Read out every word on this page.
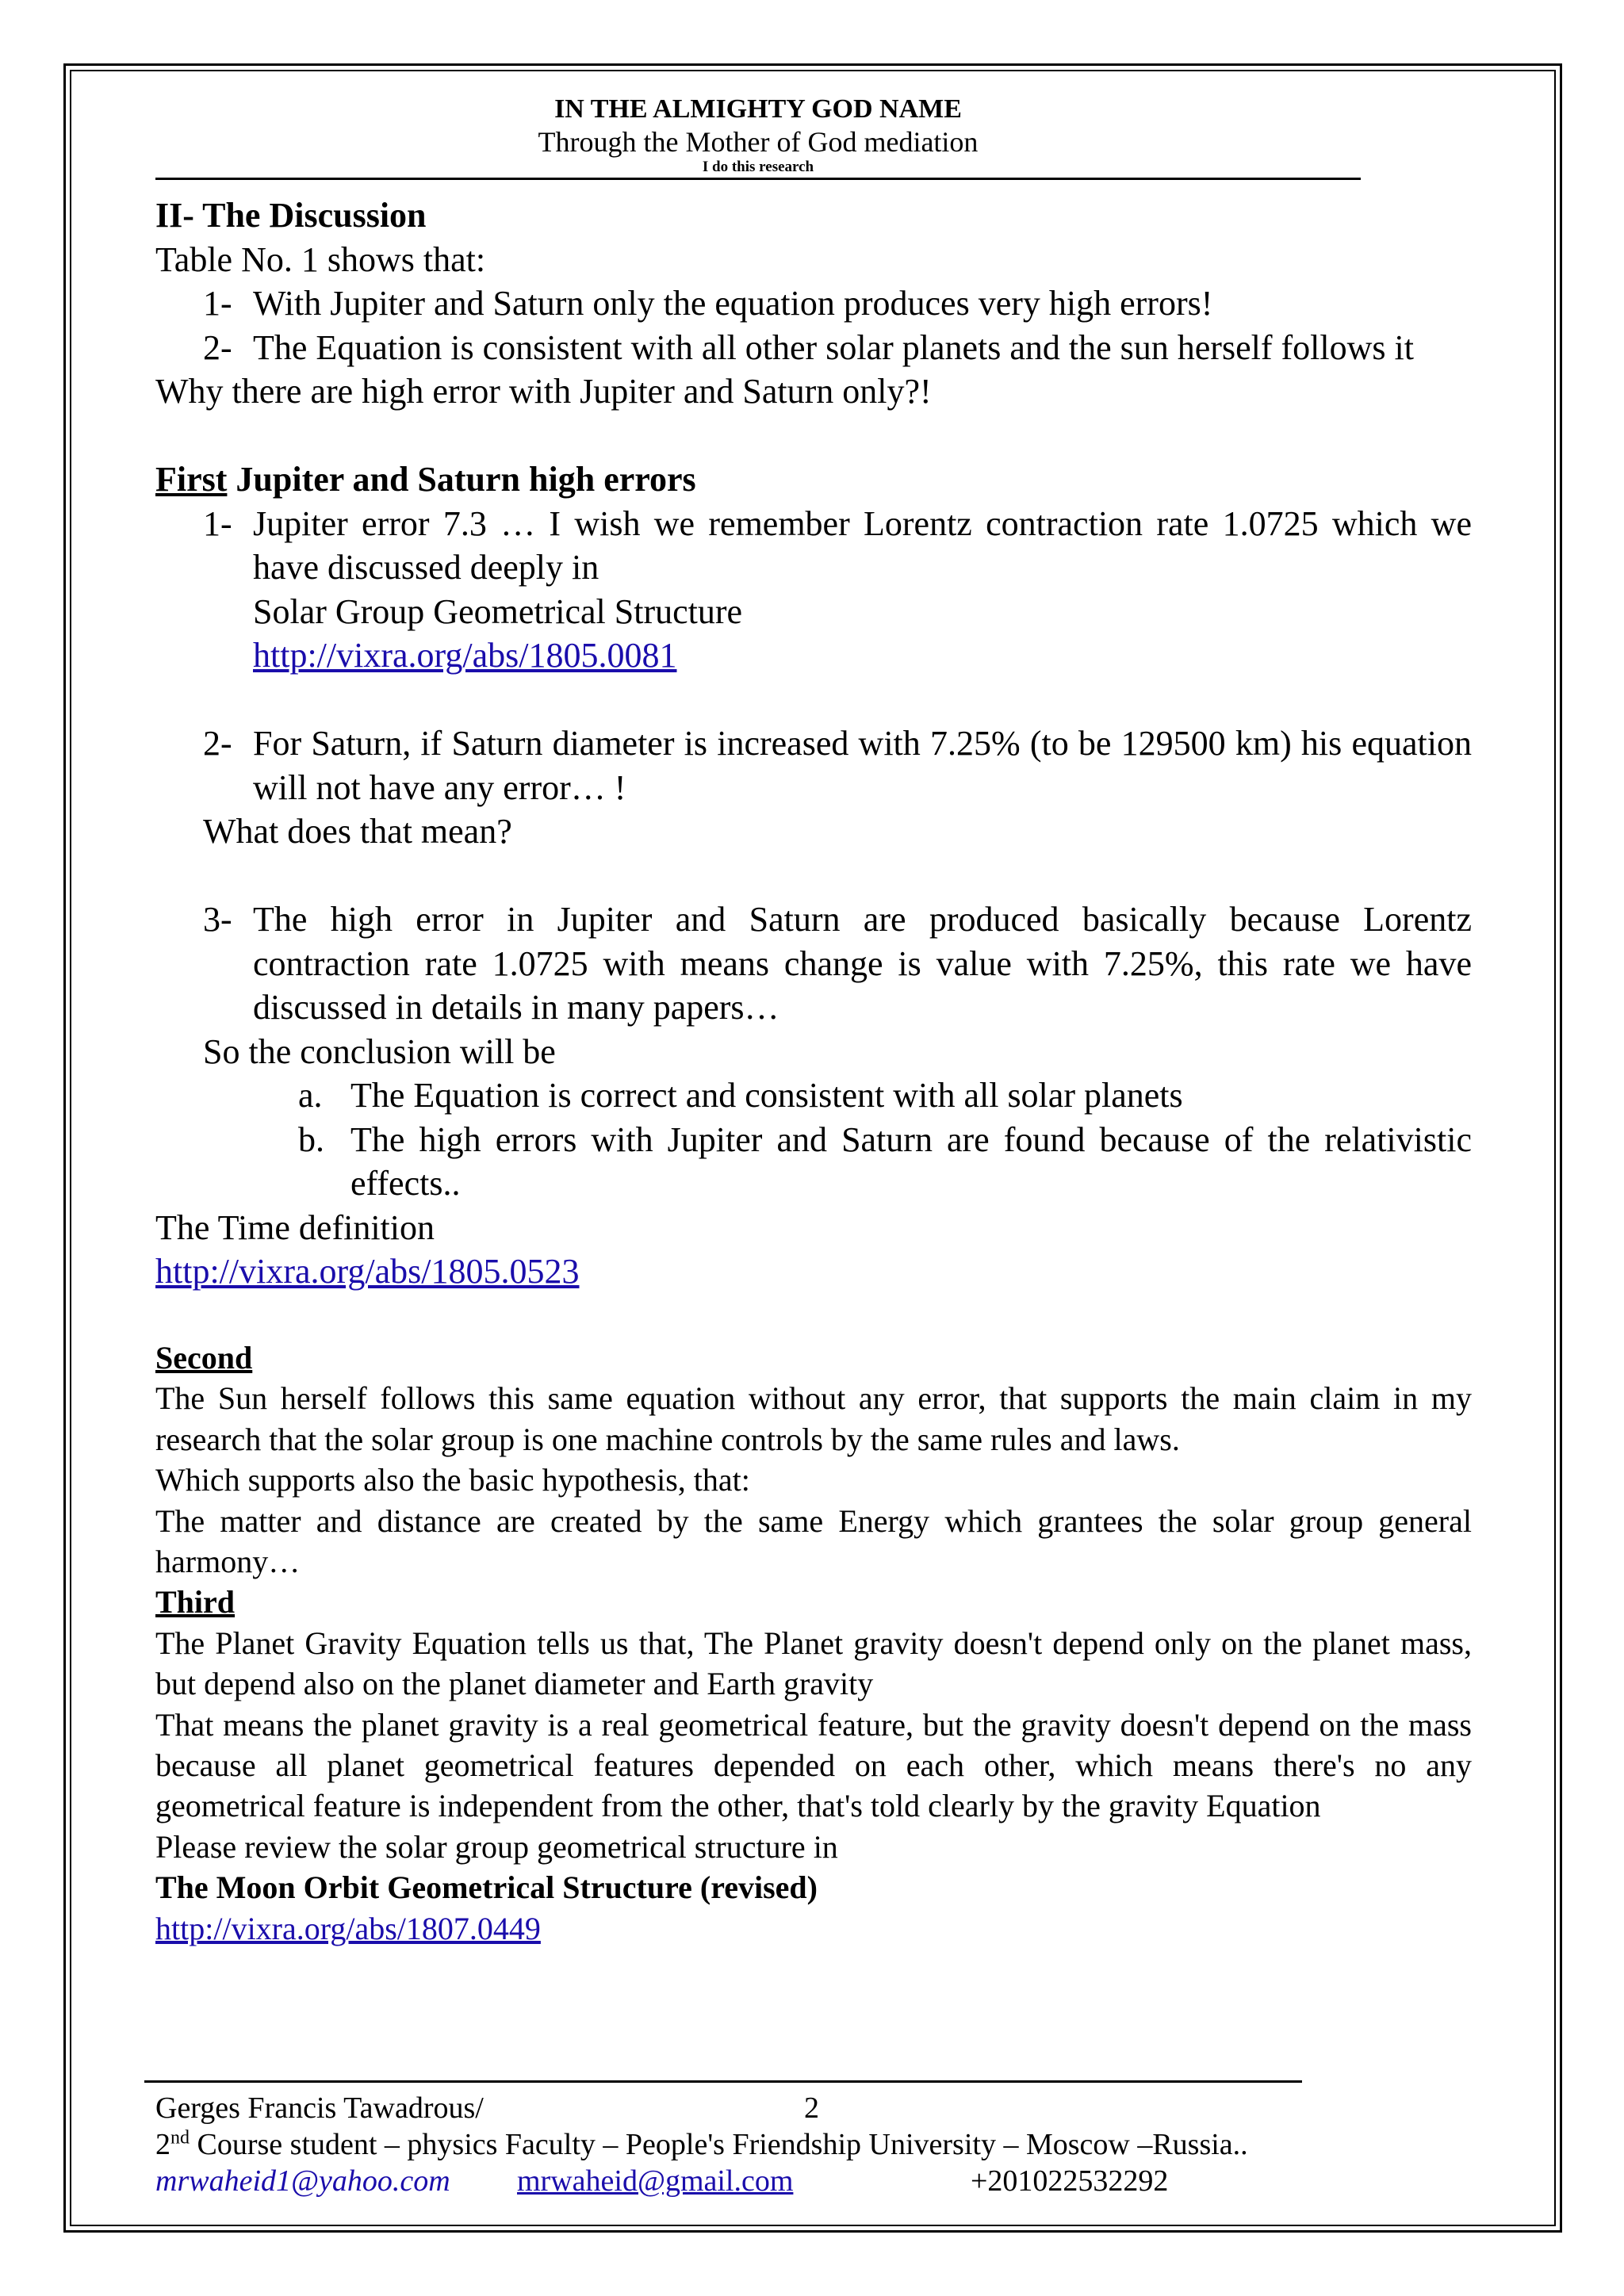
IN THE ALMIGHTY GOD NAME
Through the Mother of God mediation
I do this research

II- The Discussion

Table No. 1 shows that:

1- With Jupiter and Saturn only the equation produces very high errors!

2- The Equation is consistent with all other solar planets and the sun herself follows it

Why there are high error with Jupiter and Saturn only?!

First Jupiter and Saturn high errors

1- Jupiter error 7.3 … I wish we remember Lorentz contraction rate 1.0725 which we have discussed deeply in

Solar Group Geometrical Structure

http://vixra.org/abs/1805.0081

2- For Saturn, if Saturn diameter is increased with 7.25% (to be 129500 km) his equation will not have any error… !

What does that mean?

3- The high error in Jupiter and Saturn are produced basically because Lorentz contraction rate 1.0725 with means change is value with 7.25%, this rate we have discussed in details in many papers…

So the conclusion will be

a. The Equation is correct and consistent with all solar planets

b. The high errors with Jupiter and Saturn are found because of the relativistic effects..

The Time definition

http://vixra.org/abs/1805.0523

Second

The Sun herself follows this same equation without any error, that supports the main claim in my research that the solar group is one machine controls by the same rules and laws.

Which supports also the basic hypothesis, that:

The matter and distance are created by the same Energy which grantees the solar group general harmony…

Third

The Planet Gravity Equation tells us that, The Planet gravity doesn't depend only on the planet mass, but depend also on the planet diameter and Earth gravity

That means the planet gravity is a real geometrical feature, but the gravity doesn't depend on the mass because all planet geometrical features depended on each other, which means there's no any geometrical feature is independent from the other, that's told clearly by the gravity Equation

Please review the solar group geometrical structure in

The Moon Orbit Geometrical Structure (revised)

http://vixra.org/abs/1807.0449

Gerges Francis Tawadrous/	2
2nd Course student – physics Faculty – People's Friendship University – Moscow –Russia..
mrwaheid1@yahoo.com mrwaheid@gmail.com	+201022532292
